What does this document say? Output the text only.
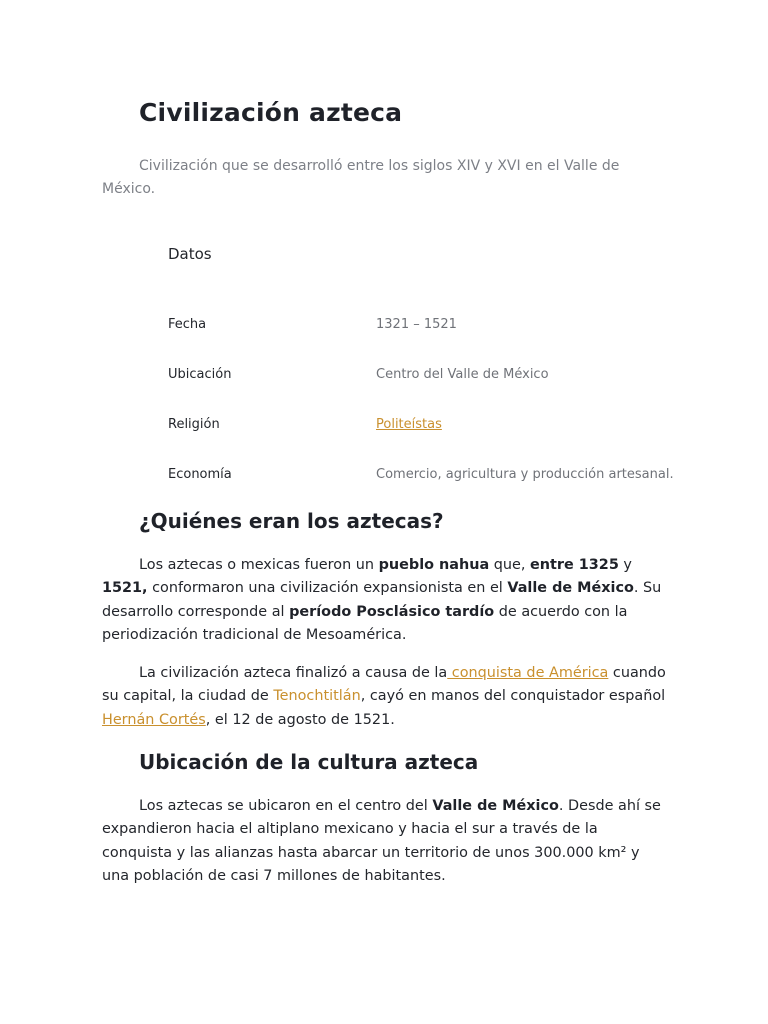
Civilización azteca

Civilización que se desarrolló entre los siglos XIV y XVI en el Valle de México.

Datos
Fecha	1321 – 1521
Ubicación	Centro del Valle de México
Religión	Politeístas
Economía	Comercio, agricultura y producción artesanal.
¿Quiénes eran los aztecas?

Los aztecas o mexicas fueron un pueblo nahua que, entre 1325 y 1521, conformaron una civilización expansionista en el Valle de México. Su desarrollo corresponde al período Posclásico tardío de acuerdo con la periodización tradicional de Mesoamérica.

La civilización azteca finalizó a causa de la conquista de América cuando su capital, la ciudad de Tenochtitlán, cayó en manos del conquistador español Hernán Cortés, el 12 de agosto de 1521.

Ubicación de la cultura azteca

Los aztecas se ubicaron en el centro del Valle de México. Desde ahí se expandieron hacia el altiplano mexicano y hacia el sur a través de la conquista y las alianzas hasta abarcar un territorio de unos 300.000 km² y una población de casi 7 millones de habitantes.
